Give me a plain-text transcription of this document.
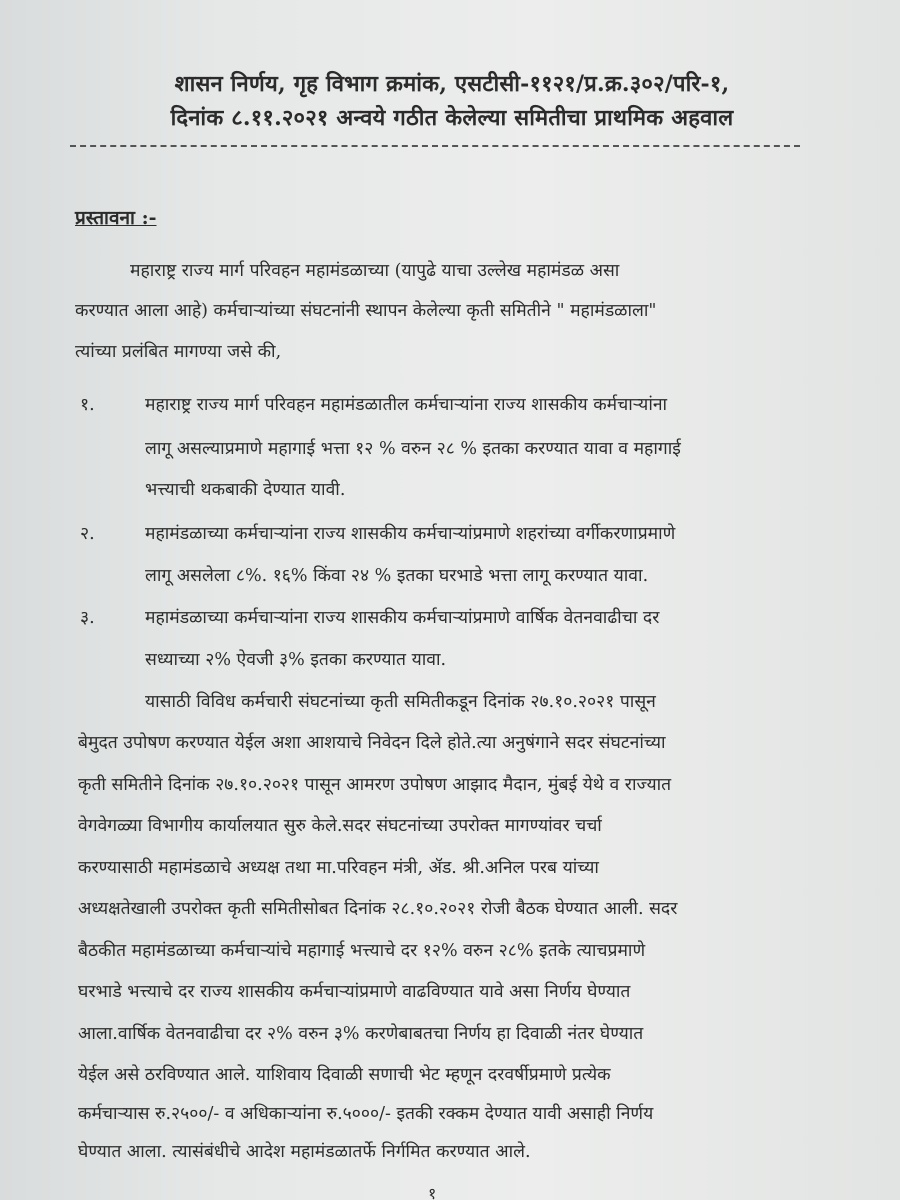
शासन निर्णय, गृह विभाग क्रमांक, एसटीसी-११२१/प्र.क्र.३०२/परि-१,
दिनांक ८.११.२०२१ अन्वये गठीत केलेल्या समितीचा प्राथमिक अहवाल
प्रस्तावना :-
महाराष्ट्र राज्य मार्ग परिवहन महामंडळाच्या (यापुढे याचा उल्लेख महामंडळ असा
करण्यात आला आहे) कर्मचाऱ्यांच्या संघटनांनी स्थापन केलेल्या कृती समितीने " महामंडळाला"
त्यांच्या प्रलंबित मागण्या जसे की,
१.	महाराष्ट्र राज्य मार्ग परिवहन महामंडळातील कर्मचाऱ्यांना राज्य शासकीय कर्मचाऱ्यांना
लागू असल्याप्रमाणे महागाई भत्ता १२ % वरुन २८ % इतका करण्यात यावा व महागाई
भत्त्याची थकबाकी देण्यात यावी.
२.	महामंडळाच्या कर्मचाऱ्यांना राज्य शासकीय कर्मचाऱ्यांप्रमाणे शहरांच्या वर्गीकरणाप्रमाणे
लागू असलेला ८%. १६% किंवा २४ % इतका घरभाडे भत्ता लागू करण्यात यावा.
३.	महामंडळाच्या कर्मचाऱ्यांना राज्य शासकीय कर्मचाऱ्यांप्रमाणे वार्षिक वेतनवाढीचा दर
सध्याच्या २% ऐवजी ३% इतका करण्यात यावा.
यासाठी विविध कर्मचारी संघटनांच्या कृती समितीकडून दिनांक २७.१०.२०२१ पासून
बेमुदत उपोषण करण्यात येईल अशा आशयाचे निवेदन दिले होते.त्या अनुषंगाने सदर संघटनांच्या
कृती समितीने दिनांक २७.१०.२०२१ पासून आमरण उपोषण आझाद मैदान, मुंबई येथे व राज्यात
वेगवेगळ्या विभागीय कार्यालयात सुरु केले.सदर संघटनांच्या उपरोक्त मागण्यांवर चर्चा
करण्यासाठी महामंडळाचे अध्यक्ष तथा मा.परिवहन मंत्री, ॲड. श्री.अनिल परब यांच्या
अध्यक्षतेखाली उपरोक्त कृती समितीसोबत दिनांक २८.१०.२०२१ रोजी बैठक घेण्यात आली. सदर
बैठकीत महामंडळाच्या कर्मचाऱ्यांचे महागाई भत्त्याचे दर १२% वरुन २८% इतके त्याचप्रमाणे
घरभाडे भत्त्याचे दर राज्य शासकीय कर्मचाऱ्यांप्रमाणे वाढविण्यात यावे असा निर्णय घेण्यात
आला.वार्षिक वेतनवाढीचा दर २% वरुन ३% करणेबाबतचा निर्णय हा दिवाळी नंतर घेण्यात
येईल असे ठरविण्यात आले. याशिवाय दिवाळी सणाची भेट म्हणून दरवर्षीप्रमाणे प्रत्येक
कर्मचाऱ्यास रु.२५००/- व अधिकाऱ्यांना रु.५०००/- इतकी रक्कम देण्यात यावी असाही निर्णय
घेण्यात आला. त्यासंबंधीचे आदेश महामंडळातर्फे निर्गमित करण्यात आले.
१
